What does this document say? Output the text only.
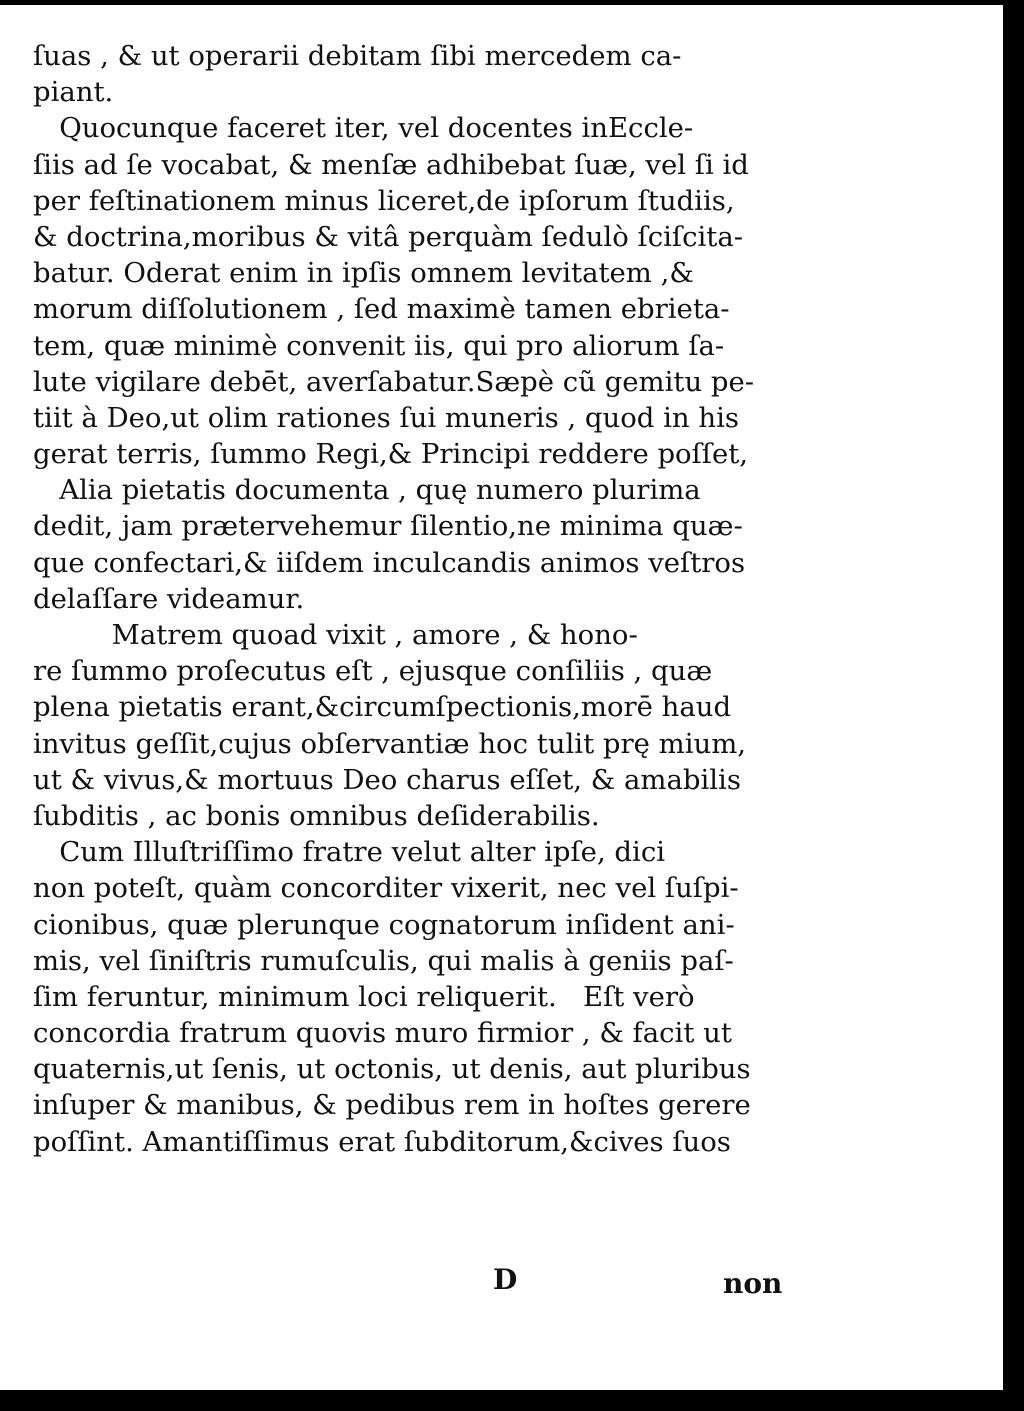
ſuas , & ut operarii debitam ſibi mercedem ca-
piant.
Quocunque faceret iter, vel docentes inEccle-
ſiis ad ſe vocabat, & menſæ adhibebat ſuæ, vel ſi id
per feſtinationem minus liceret,de ipſorum ſtudiis,
& doctrina,moribus & vitâ perquàm ſedulò ſciſcita-
batur. Oderat enim in ipſis omnem levitatem ,&
morum diſſolutionem , ſed maximè tamen ebrieta-
tem, quæ minimè convenit iis, qui pro aliorum ſa-
lute vigilare debēt, averſabatur.Sæpè cũ gemitu pe-
tiit à Deo,ut olim rationes ſui muneris , quod in his
gerat terris, ſummo Regi,& Principi reddere poſſet,
Alia pietatis documenta , quę numero plurima
dedit, jam prætervehemur ſilentio,ne minima quæ-
que confectari,& iiſdem inculcandis animos veſtros
delaſſare videamur.
Matrem quoad vixit , amore , & hono-
re ſummo proſecutus eſt , ejusque conſiliis , quæ
plena pietatis erant,&circumſpectionis,morē haud
invitus geſſit,cujus obſervantiæ hoc tulit prę mium,
ut & vivus,& mortuus Deo charus eſſet, & amabilis
ſubditis , ac bonis omnibus deſiderabilis.
Cum Illuſtriſſimo fratre velut alter ipſe, dici
non poteſt, quàm concorditer vixerit, nec vel ſuſpi-
cionibus, quæ plerunque cognatorum inſident ani-
mis, vel ſiniſtris rumuſculis, qui malis à geniis paſ-
ſim feruntur, minimum loci reliquerit.   Eſt verò
concordia fratrum quovis muro firmior , & facit ut
quaternis,ut ſenis, ut octonis, ut denis, aut pluribus
inſuper & manibus, & pedibus rem in hoſtes gerere
poſſint. Amantiſſimus erat ſubditorum,&cives ſuos
D	non
